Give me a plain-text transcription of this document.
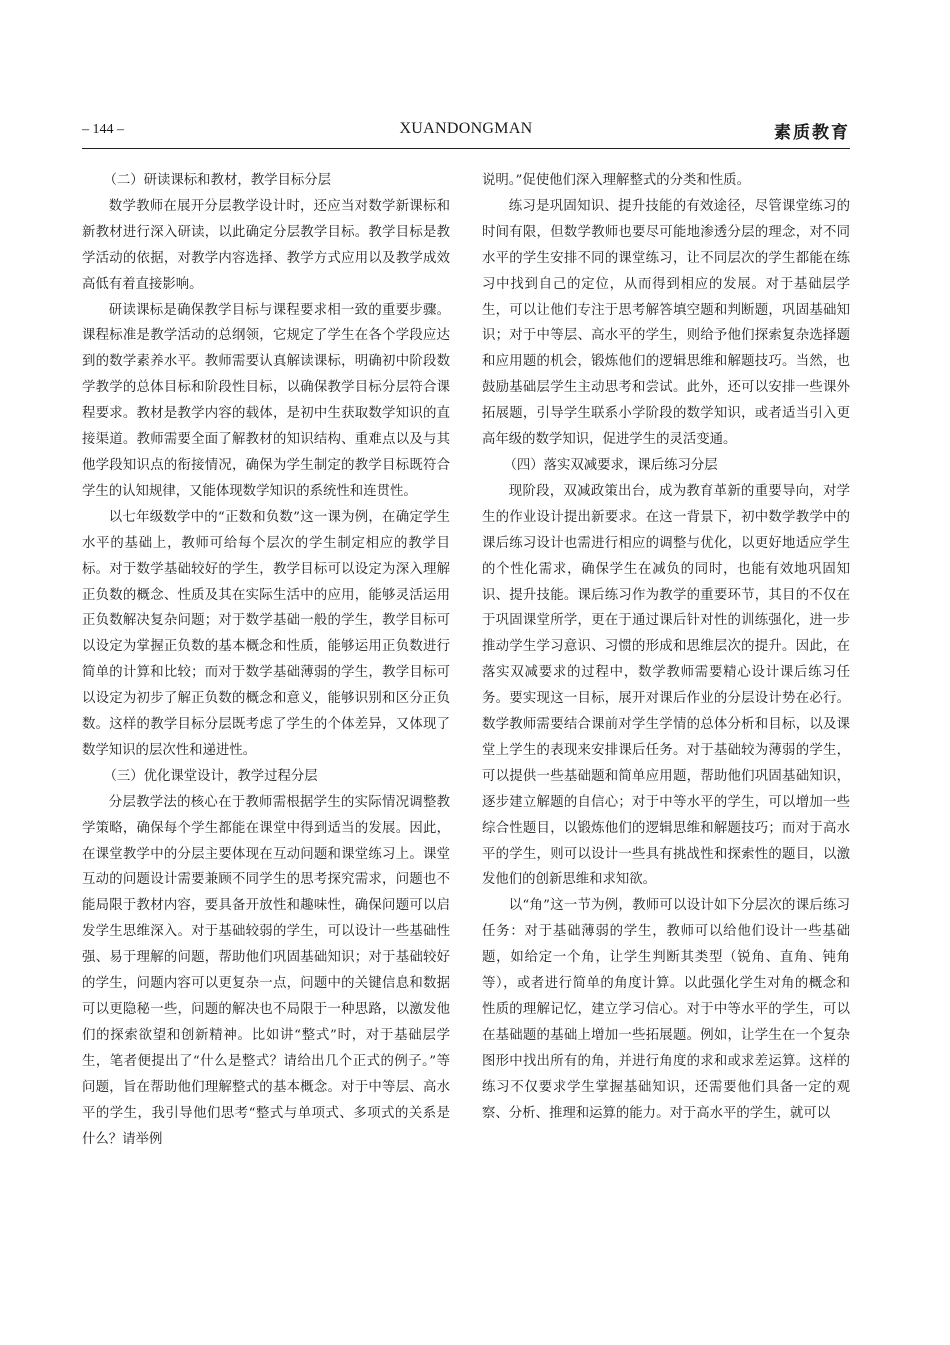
– 144 –	XUANDONGMAN	素质教育
（二）研读课标和教材，教学目标分层

数学教师在展开分层教学设计时，还应当对数学新课标和新教材进行深入研读，以此确定分层教学目标。教学目标是教学活动的依据，对教学内容选择、教学方式应用以及教学成效高低有着直接影响。

研读课标是确保教学目标与课程要求相一致的重要步骤。课程标准是教学活动的总纲领，它规定了学生在各个学段应达到的数学素养水平。教师需要认真解读课标，明确初中阶段数学教学的总体目标和阶段性目标，以确保教学目标分层符合课程要求。教材是教学内容的载体，是初中生获取数学知识的直接渠道。教师需要全面了解教材的知识结构、重难点以及与其他学段知识点的衔接情况，确保为学生制定的教学目标既符合学生的认知规律，又能体现数学知识的系统性和连贯性。

以七年级数学中的“正数和负数”这一课为例，在确定学生水平的基础上，教师可给每个层次的学生制定相应的教学目标。对于数学基础较好的学生，教学目标可以设定为深入理解正负数的概念、性质及其在实际生活中的应用，能够灵活运用正负数解决复杂问题；对于数学基础一般的学生，教学目标可以设定为掌握正负数的基本概念和性质，能够运用正负数进行简单的计算和比较；而对于数学基础薄弱的学生，教学目标可以设定为初步了解正负数的概念和意义，能够识别和区分正负数。这样的教学目标分层既考虑了学生的个体差异，又体现了数学知识的层次性和递进性。

（三）优化课堂设计，教学过程分层

分层教学法的核心在于教师需根据学生的实际情况调整教学策略，确保每个学生都能在课堂中得到适当的发展。因此，在课堂教学中的分层主要体现在互动问题和课堂练习上。课堂互动的问题设计需要兼顾不同学生的思考探究需求，问题也不能局限于教材内容，要具备开放性和趣味性，确保问题可以启发学生思维深入。对于基础较弱的学生，可以设计一些基础性强、易于理解的问题，帮助他们巩固基础知识；对于基础较好的学生，问题内容可以更复杂一点，问题中的关键信息和数据可以更隐秘一些，问题的解决也不局限于一种思路，以激发他们的探索欲望和创新精神。比如讲“整式”时，对于基础层学生，笔者便提出了“什么是整式？请给出几个正式的例子。”等问题，旨在帮助他们理解整式的基本概念。对于中等层、高水平的学生，我引导他们思考“整式与单项式、多项式的关系是什么？请举例

说明。”促使他们深入理解整式的分类和性质。

练习是巩固知识、提升技能的有效途径，尽管课堂练习的时间有限，但数学教师也要尽可能地渗透分层的理念，对不同水平的学生安排不同的课堂练习，让不同层次的学生都能在练习中找到自己的定位，从而得到相应的发展。对于基础层学生，可以让他们专注于思考解答填空题和判断题，巩固基础知识；对于中等层、高水平的学生，则给予他们探索复杂选择题和应用题的机会，锻炼他们的逻辑思维和解题技巧。当然，也鼓励基础层学生主动思考和尝试。此外，还可以安排一些课外拓展题，引导学生联系小学阶段的数学知识，或者适当引入更高年级的数学知识，促进学生的灵活变通。

（四）落实双减要求，课后练习分层

现阶段，双减政策出台，成为教育革新的重要导向，对学生的作业设计提出新要求。在这一背景下，初中数学教学中的课后练习设计也需进行相应的调整与优化，以更好地适应学生的个性化需求，确保学生在减负的同时，也能有效地巩固知识、提升技能。课后练习作为教学的重要环节，其目的不仅在于巩固课堂所学，更在于通过课后针对性的训练强化，进一步推动学生学习意识、习惯的形成和思维层次的提升。因此，在落实双减要求的过程中，数学教师需要精心设计课后练习任务。要实现这一目标，展开对课后作业的分层设计势在必行。数学教师需要结合课前对学生学情的总体分析和目标，以及课堂上学生的表现来安排课后任务。对于基础较为薄弱的学生，可以提供一些基础题和简单应用题，帮助他们巩固基础知识，逐步建立解题的自信心；对于中等水平的学生，可以增加一些综合性题目，以锻炼他们的逻辑思维和解题技巧；而对于高水平的学生，则可以设计一些具有挑战性和探索性的题目，以激发他们的创新思维和求知欲。

以“角”这一节为例，教师可以设计如下分层次的课后练习任务：对于基础薄弱的学生，教师可以给他们设计一些基础题，如给定一个角，让学生判断其类型（锐角、直角、钝角等），或者进行简单的角度计算。以此强化学生对角的概念和性质的理解记忆，建立学习信心。对于中等水平的学生，可以在基础题的基础上增加一些拓展题。例如，让学生在一个复杂图形中找出所有的角，并进行角度的求和或求差运算。这样的练习不仅要求学生掌握基础知识，还需要他们具备一定的观察、分析、推理和运算的能力。对于高水平的学生，就可以
